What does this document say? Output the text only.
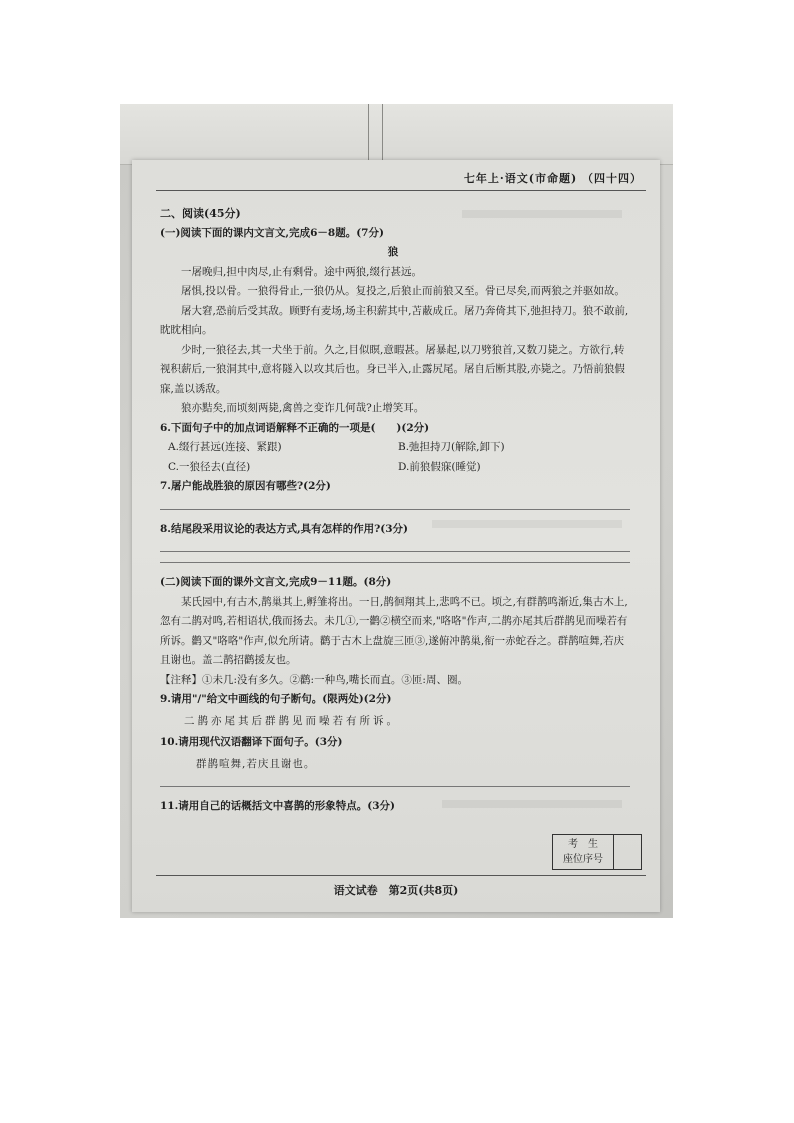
七年上·语文(市命题) （四十四）
二、阅读(45分)
(一)阅读下面的课内文言文,完成6－8题。(7分)
狼

一屠晚归,担中肉尽,止有剩骨。途中两狼,缀行甚远。

屠惧,投以骨。一狼得骨止,一狼仍从。复投之,后狼止而前狼又至。骨已尽矣,而两狼之并驱如故。

屠大窘,恐前后受其敌。顾野有麦场,场主积薪其中,苫蔽成丘。屠乃奔倚其下,弛担持刀。狼不敢前,眈眈相向。

少时,一狼径去,其一犬坐于前。久之,目似瞑,意暇甚。屠暴起,以刀劈狼首,又数刀毙之。方欲行,转视积薪后,一狼洞其中,意将隧入以攻其后也。身已半入,止露尻尾。屠自后断其股,亦毙之。乃悟前狼假寐,盖以诱敌。

狼亦黠矣,而顷刻两毙,禽兽之变诈几何哉?止增笑耳。

6.下面句子中的加点词语解释不正确的一项是(　　)(2分)

A.缀行甚远(连接、紧跟)	B.弛担持刀(解除,卸下)
C.一狼径去(直径)	D.前狼假寐(睡觉)

7.屠户能战胜狼的原因有哪些?(2分)

8.结尾段采用议论的表达方式,具有怎样的作用?(3分)

(二)阅读下面的课外文言文,完成9－11题。(8分)

某氏园中,有古木,鹊巢其上,孵雏将出。一日,鹊徊翔其上,悲鸣不已。顷之,有群鹊鸣渐近,集古木上,忽有二鹊对鸣,若相语状,俄而扬去。未几①,一鹳②横空而来,"咯咯"作声,二鹊亦尾其后群鹊见而噪若有所诉。鹳又"咯咯"作声,似允所请。鹳于古木上盘旋三匝③,遂俯冲鹊巢,衔一赤蛇吞之。群鹊喧舞,若庆且谢也。盖二鹊招鹳援友也。

【注释】①未几:没有多久。②鹳:一种鸟,嘴长而直。③匝:周、圈。

9.请用"/"给文中画线的句子断句。(限两处)(2分)

二鹊亦尾其后群鹊见而噪若有所诉。

10.请用现代汉语翻译下面句子。(3分)

群鹊喧舞,若庆且谢也。

11.请用自己的话概括文中喜鹊的形象特点。(3分)

考　生
座位序号
语文试卷　第2页(共8页)
